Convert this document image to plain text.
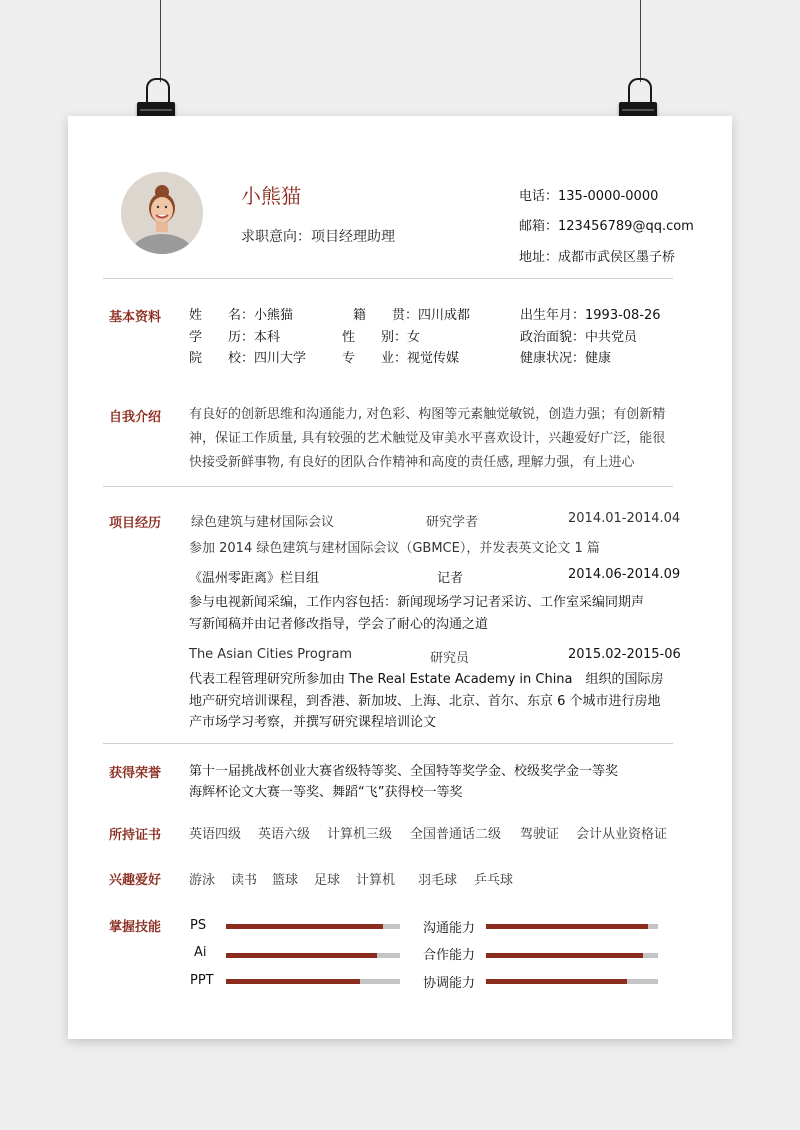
小熊猫
求职意向：项目经理助理
电话：135-0000-0000
邮箱：123456789@qq.com
地址：成都市武侯区墨子桥
基本资料 姓　　名：小熊猫	籍　　贯：四川成都	出生年月：1993-08-26
学　　历：本科	性　　别：女	政治面貌：中共党员
院　　校：四川大学	专　　业：视觉传媒	健康状况：健康
自我介绍 有良好的创新思维和沟通能力, 对色彩、构图等元素触觉敏锐，创造力强；有创新精
神，保证工作质量, 具有较强的艺术触觉及审美水平喜欢设计，兴趣爱好广泛，能很
快接受新鲜事物, 有良好的团队合作精神和高度的责任感, 理解力强，有上进心
项目经历 绿色建筑与建材国际会议	研究学者	2014.01-2014.04
参加 2014 绿色建筑与建材国际会议（GBMCE），并发表英文论文 1 篇
《温州零距离》栏目组	记者	2014.06-2014.09
参与电视新闻采编，工作内容包括：新闻现场学习记者采访、工作室采编同期声
写新闻稿并由记者修改指导，学会了耐心的沟通之道
The Asian Cities Program	研究员	2015.02-2015-06
代表工程管理研究所参加由 The Real Estate Academy in China　组织的国际房
地产研究培训课程，到香港、新加坡、上海、北京、首尔、东京 6 个城市进行房地
产市场学习考察，并撰写研究课程培训论文
获得荣誉 第十一届挑战杯创业大赛省级特等奖、全国特等奖学金、校级奖学金一等奖
海辉杯论文大赛一等奖、舞蹈“飞”获得校一等奖
所持证书 英语四级 英语六级 计算机三级 全国普通话二级 驾驶证 会计从业资格证
兴趣爱好 游泳 读书 篮球 足球 计算机 羽毛球 乒乓球
掌握技能 PS
Ai
PPT
沟通能力
合作能力
协调能力
